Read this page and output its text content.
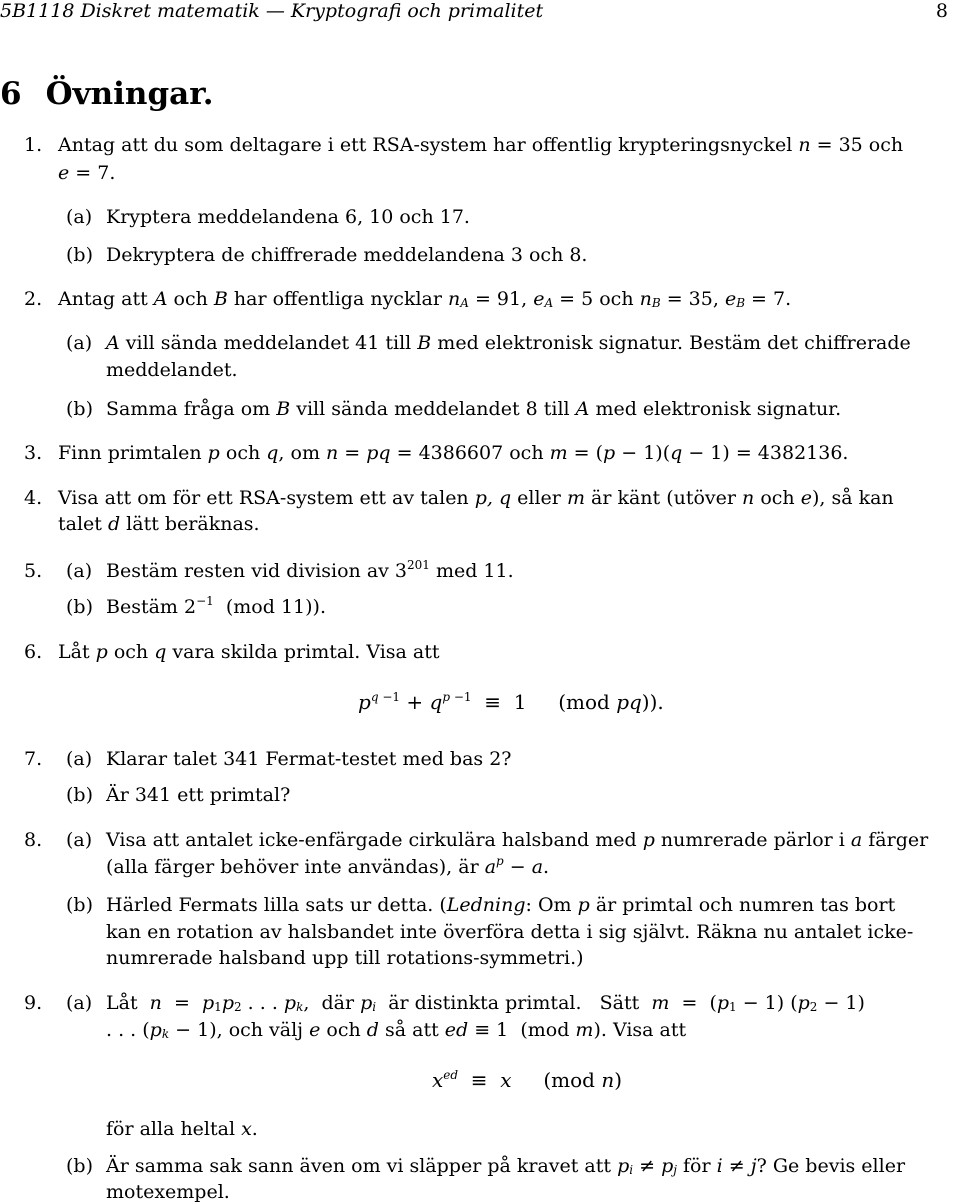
5B1118 Diskret matematik — Kryptografi och primalitet	8
6 Övningar.
1. Antag att du som deltagare i ett RSA-system har offentlig krypteringsnyckel n = 35 och
e = 7.
(a) Kryptera meddelandena 6, 10 och 17.
(b) Dekryptera de chiffrerade meddelandena 3 och 8.
2. Antag att A och B har offentliga nycklar $n_A = 91$, $e_A = 5$ och $n_B = 35$, $e_B = 7$.
(a) A vill sända meddelandet 41 till B med elektronisk signatur. Bestäm det chiffrerade
meddelandet.
(b) Samma fråga om B vill sända meddelandet 8 till A med elektronisk signatur.
3. Finn primtalen p och q, om n = pq = 4386607 och m = (p − 1)(q − 1) = 4382136.
4. Visa att om för ett RSA-system ett av talen p, q eller m är känt (utöver n och e), så kan
talet d lätt beräknas.
5. (a) Bestäm resten vid division av $3^{201}$ med 11.
(b) Bestäm $2^{-1}$ (mod 11)).
6. Låt p och q vara skilda primtal. Visa att
$p^{q -1} + q^{p -1} \equiv 1$     (mod pq)).
7. (a) Klarar talet 341 Fermat-testet med bas 2?
(b) Är 341 ett primtal?
8. (a) Visa att antalet icke-enfärgade cirkulära halsband med p numrerade pärlor i a färger
(alla färger behöver inte användas), är $a^p - a$.
(b) Härled Fermats lilla sats ur detta. (Ledning: Om p är primtal och numren tas bort
kan en rotation av halsbandet inte överföra detta i sig självt. Räkna nu antalet icke-
numrerade halsband upp till rotations-symmetri.)
9. (a) Låt  $n = p_1p_2$ . . . $p_k$,  där $p_i$  är distinkta primtal.   Sätt  $m = (p_1 - 1) (p_2 - 1)$
. . . $(p_k - 1)$, och välj e och d så att ed ≡ 1  (mod m). Visa att
$x^{ed} \equiv x$     (mod n)
för alla heltal x.
(b) Är samma sak sann även om vi släpper på kravet att $p_i \ne p_j$ för i ≠ j? Ge bevis eller
motexempel.
